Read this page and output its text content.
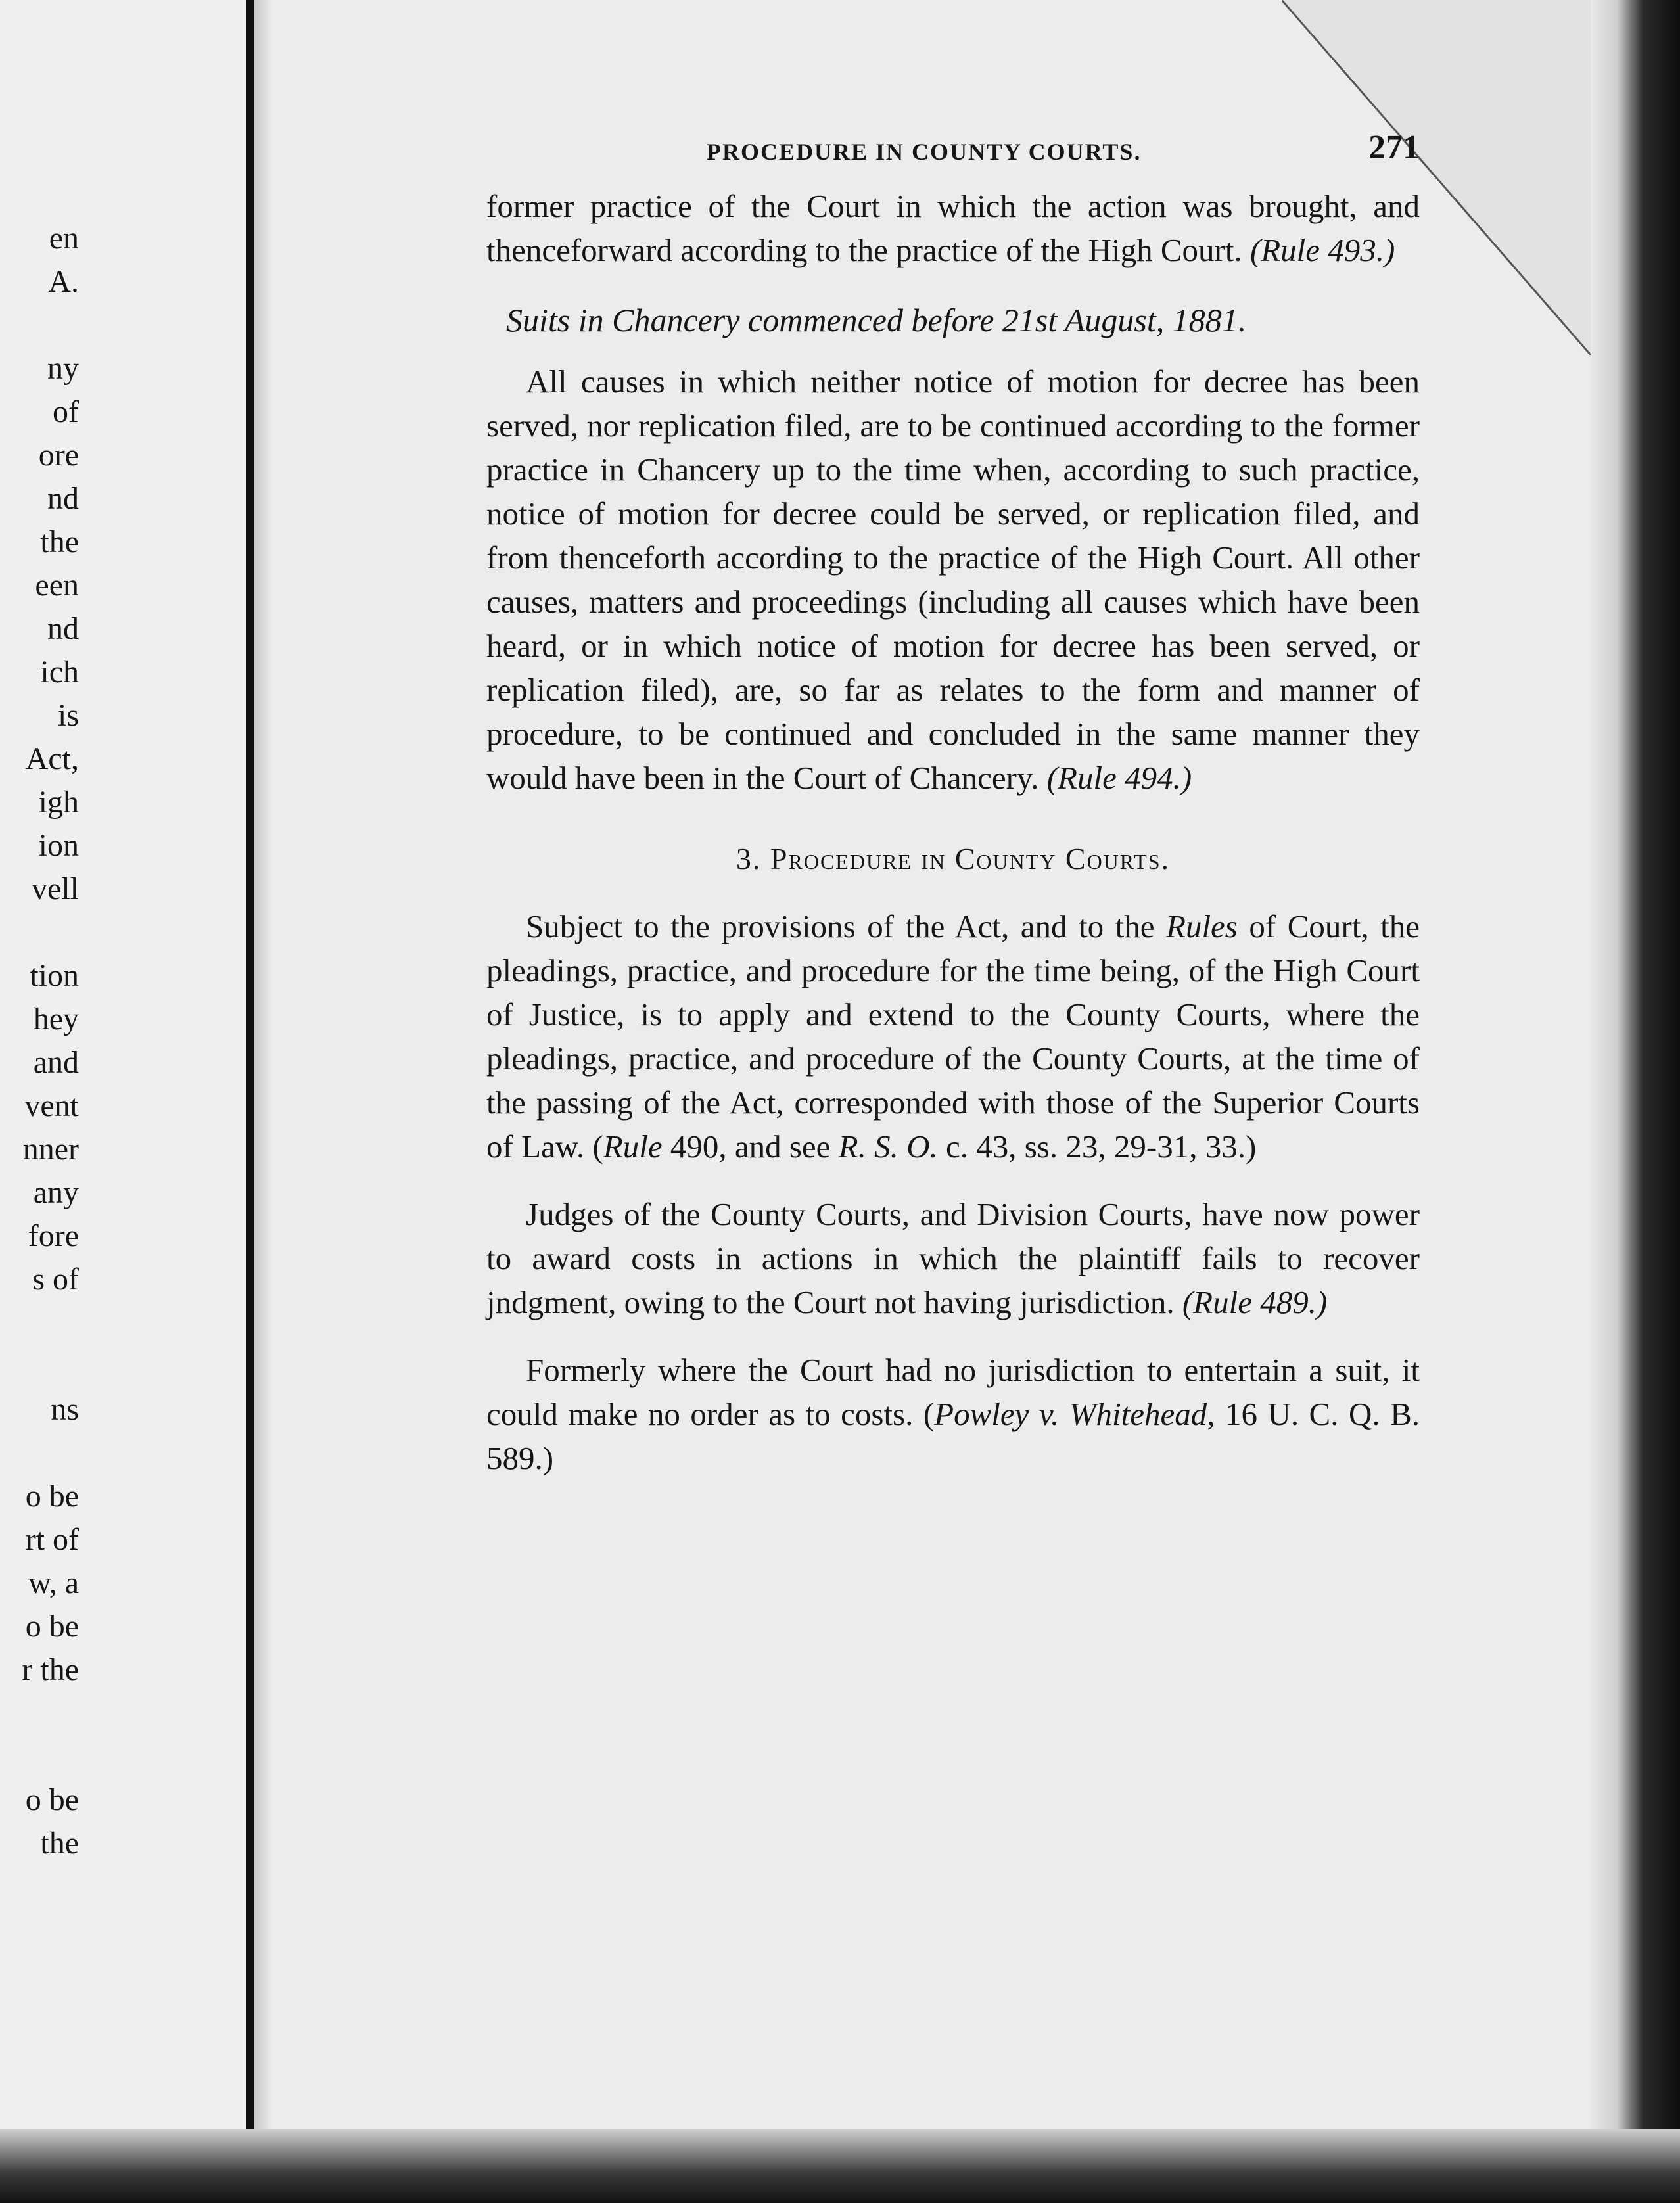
en
A.
ny
of
ore
nd
the
een
nd
ich
is
Act,
igh
ion
vell
tion
hey
and
vent
nner
any
fore
s of
ns
o be
rt of
w, a
o be
r the
o be
the
PROCEDURE IN COUNTY COURTS.	271

former practice of the Court in which the action was brought, and thenceforward according to the practice of the High Court. (Rule 493.)

Suits in Chancery commenced before 21st August, 1881.

All causes in which neither notice of motion for decree has been served, nor replication filed, are to be continued according to the former practice in Chancery up to the time when, according to such practice, notice of motion for decree could be served, or replication filed, and from thenceforth according to the practice of the High Court. All other causes, matters and proceedings (including all causes which have been heard, or in which notice of motion for decree has been served, or replication filed), are, so far as relates to the form and manner of procedure, to be continued and concluded in the same manner they would have been in the Court of Chancery. (Rule 494.)

3. Procedure in County Courts.

Subject to the provisions of the Act, and to the Rules of Court, the pleadings, practice, and procedure for the time being, of the High Court of Justice, is to apply and extend to the County Courts, where the pleadings, practice, and procedure of the County Courts, at the time of the passing of the Act, corresponded with those of the Superior Courts of Law. (Rule 490, and see R. S. O. c. 43, ss. 23, 29-31, 33.)

Judges of the County Courts, and Division Courts, have now power to award costs in actions in which the plaintiff fails to recover jndgment, owing to the Court not having jurisdiction. (Rule 489.)

Formerly where the Court had no jurisdiction to entertain a suit, it could make no order as to costs. (Powley v. Whitehead, 16 U. C. Q. B. 589.)
